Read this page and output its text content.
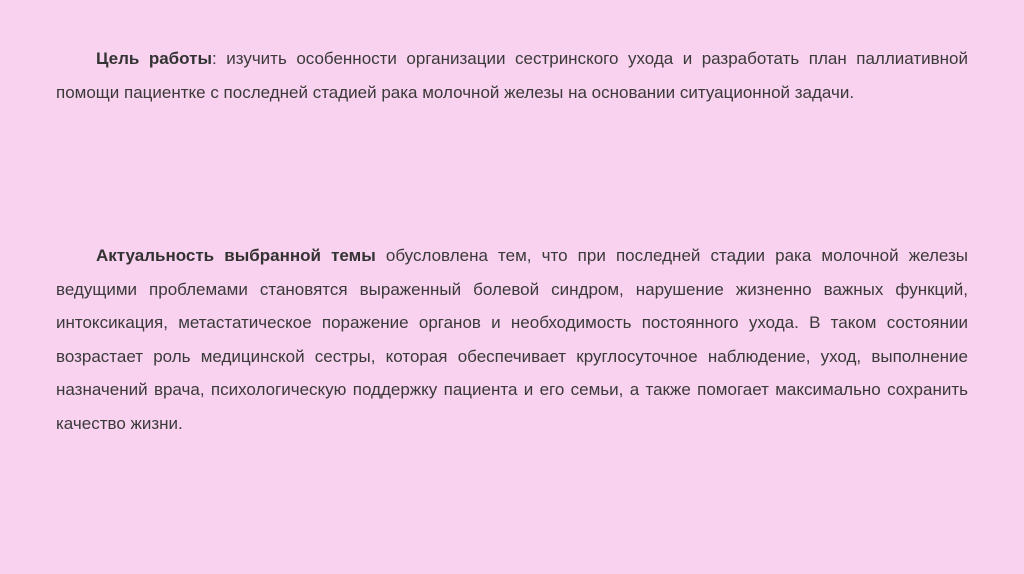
Цель работы: изучить особенности организации сестринского ухода и разработать план паллиативной помощи пациентке с последней стадией рака молочной железы на основании ситуационной задачи.

Актуальность выбранной темы обусловлена тем, что при последней стадии рака молочной железы ведущими проблемами становятся выраженный болевой синдром, нарушение жизненно важных функций, интоксикация, метастатическое поражение органов и необходимость постоянного ухода. В таком состоянии возрастает роль медицинской сестры, которая обеспечивает круглосуточное наблюдение, уход, выполнение назначений врача, психологическую поддержку пациента и его семьи, а также помогает максимально сохранить качество жизни.
